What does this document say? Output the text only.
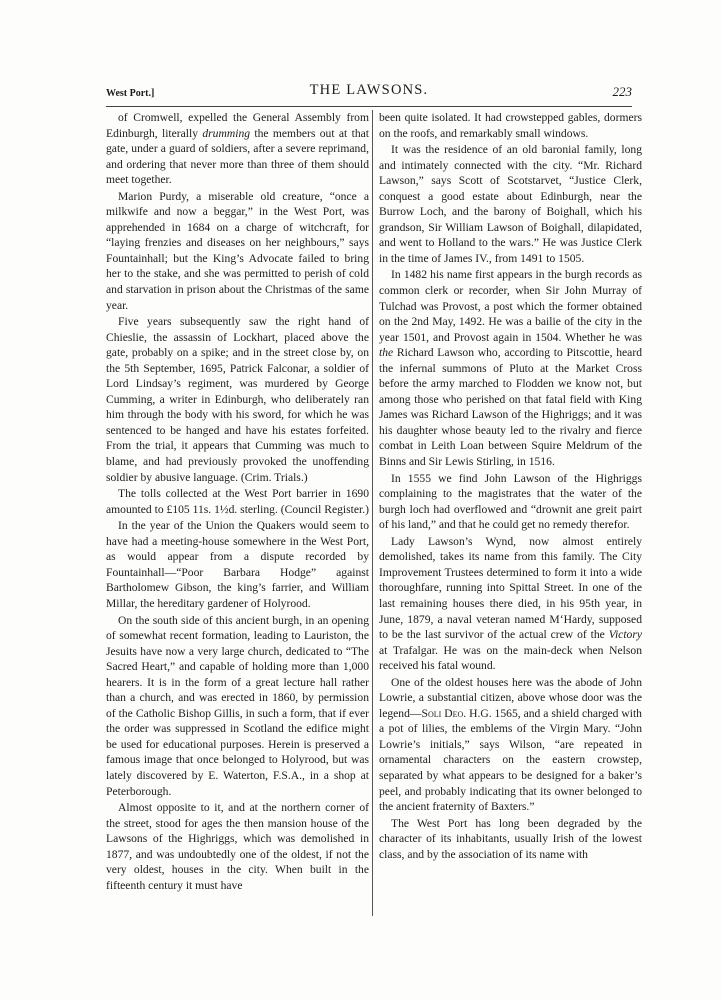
West Port.]	THE LAWSONS.	223

of Cromwell, expelled the General Assembly from Edinburgh, literally drumming the members out at that gate, under a guard of soldiers, after a severe reprimand, and ordering that never more than three of them should meet together.

Marion Purdy, a miserable old creature, “once a milkwife and now a beggar,” in the West Port, was apprehended in 1684 on a charge of witchcraft, for “laying frenzies and diseases on her neighbours,” says Fountainhall; but the King’s Advocate failed to bring her to the stake, and she was permitted to perish of cold and starvation in prison about the Christmas of the same year.

Five years subsequently saw the right hand of Chieslie, the assassin of Lockhart, placed above the gate, probably on a spike; and in the street close by, on the 5th September, 1695, Patrick Falconar, a soldier of Lord Lindsay’s regiment, was murdered by George Cumming, a writer in Edinburgh, who deliberately ran him through the body with his sword, for which he was sentenced to be hanged and have his estates forfeited. From the trial, it appears that Cumming was much to blame, and had previously provoked the unoffending soldier by abusive language. (Crim. Trials.)

The tolls collected at the West Port barrier in 1690 amounted to £105 11s. 1½d. sterling. (Council Register.)

In the year of the Union the Quakers would seem to have had a meeting-house somewhere in the West Port, as would appear from a dispute recorded by Fountainhall—“Poor Barbara Hodge” against Bartholomew Gibson, the king’s farrier, and William Millar, the hereditary gardener of Holyrood.

On the south side of this ancient burgh, in an opening of somewhat recent formation, leading to Lauriston, the Jesuits have now a very large church, dedicated to “The Sacred Heart,” and capable of holding more than 1,000 hearers. It is in the form of a great lecture hall rather than a church, and was erected in 1860, by permission of the Catholic Bishop Gillis, in such a form, that if ever the order was suppressed in Scotland the edifice might be used for educational purposes. Herein is preserved a famous image that once belonged to Holyrood, but was lately discovered by E. Waterton, F.S.A., in a shop at Peterborough.

Almost opposite to it, and at the northern corner of the street, stood for ages the then mansion house of the Lawsons of the Highriggs, which was demolished in 1877, and was undoubtedly one of the oldest, if not the very oldest, houses in the city. When built in the fifteenth century it must have

been quite isolated. It had crowstepped gables, dormers on the roofs, and remarkably small windows.

It was the residence of an old baronial family, long and intimately connected with the city. “Mr. Richard Lawson,” says Scott of Scotstarvet, “Justice Clerk, conquest a good estate about Edinburgh, near the Burrow Loch, and the barony of Boighall, which his grandson, Sir William Lawson of Boighall, dilapidated, and went to Holland to the wars.” He was Justice Clerk in the time of James IV., from 1491 to 1505.

In 1482 his name first appears in the burgh records as common clerk or recorder, when Sir John Murray of Tulchad was Provost, a post which the former obtained on the 2nd May, 1492. He was a bailie of the city in the year 1501, and Provost again in 1504. Whether he was the Richard Lawson who, according to Pitscottie, heard the infernal summons of Pluto at the Market Cross before the army marched to Flodden we know not, but among those who perished on that fatal field with King James was Richard Lawson of the Highriggs; and it was his daughter whose beauty led to the rivalry and fierce combat in Leith Loan between Squire Meldrum of the Binns and Sir Lewis Stirling, in 1516.

In 1555 we find John Lawson of the Highriggs complaining to the magistrates that the water of the burgh loch had overflowed and “drownit ane greit pairt of his land,” and that he could get no remedy therefor.

Lady Lawson’s Wynd, now almost entirely demolished, takes its name from this family. The City Improvement Trustees determined to form it into a wide thoroughfare, running into Spittal Street. In one of the last remaining houses there died, in his 95th year, in June, 1879, a naval veteran named M‘Hardy, supposed to be the last survivor of the actual crew of the Victory at Trafalgar. He was on the main-deck when Nelson received his fatal wound.

One of the oldest houses here was the abode of John Lowrie, a substantial citizen, above whose door was the legend—Soli Deo. H.G. 1565, and a shield charged with a pot of lilies, the emblems of the Virgin Mary. “John Lowrie’s initials,” says Wilson, “are repeated in ornamental characters on the eastern crowstep, separated by what appears to be designed for a baker’s peel, and probably indicating that its owner belonged to the ancient fraternity of Baxters.”

The West Port has long been degraded by the character of its inhabitants, usually Irish of the lowest class, and by the association of its name with
